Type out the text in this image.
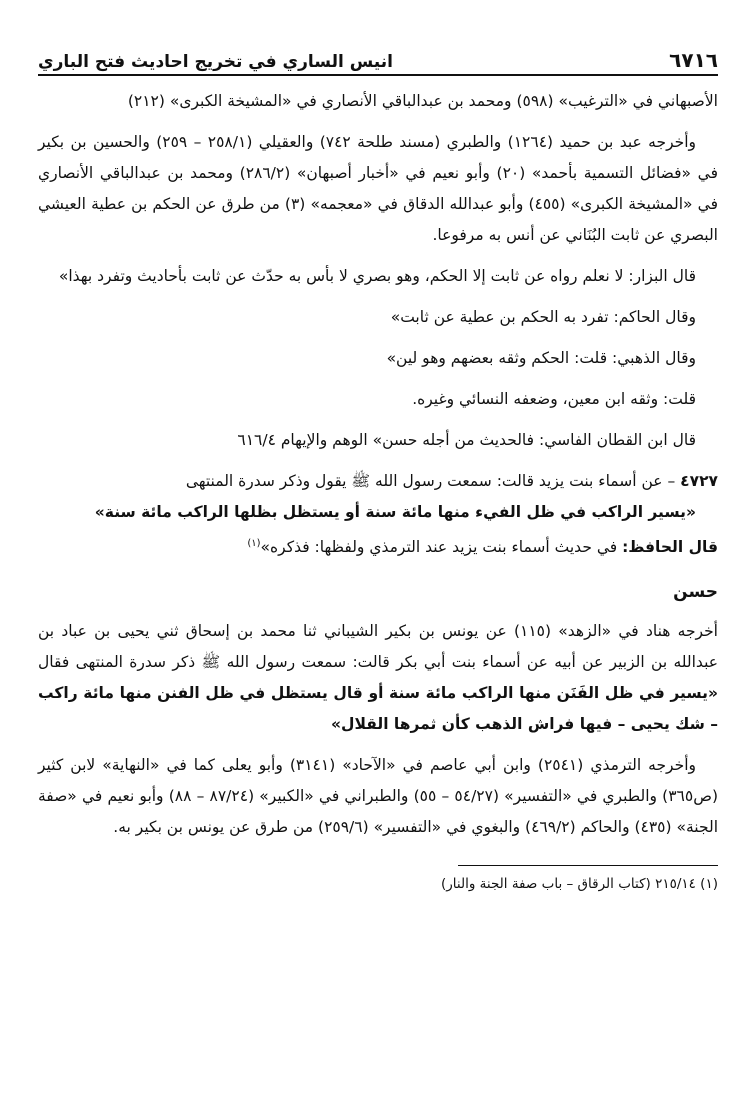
٦٧١٦
انيس الساري في تخريج احاديث فتح الباري

الأصبهاني في «الترغيب» (٥٩٨) ومحمد بن عبدالباقي الأنصاري في «المشيخة الكبرى» (٢١٢)

وأخرجه عبد بن حميد (١٢٦٤) والطبري (مسند طلحة ٧٤٢) والعقيلي (٢٥٨/١ – ٢٥٩) والحسين بن بكير في «فضائل التسمية بأحمد» (٢٠) وأبو نعيم في «أخبار أصبهان» (٢٨٦/٢) ومحمد بن عبدالباقي الأنصاري في «المشيخة الكبرى» (٤٥٥) وأبو عبدالله الدقاق في «معجمه» (٣) من طرق عن الحكم بن عطية العيشي البصري عن ثابت البُنَاني عن أنس به مرفوعا.

قال البزار: لا نعلم رواه عن ثابت إلا الحكم، وهو بصري لا بأس به حدّث عن ثابت بأحاديث وتفرد بهذا»

وقال الحاكم: تفرد به الحكم بن عطية عن ثابت»

وقال الذهبي: قلت: الحكم وثقه بعضهم وهو لين»

قلت: وثقه ابن معين، وضعفه النسائي وغيره.

قال ابن القطان الفاسي: فالحديث من أجله حسن» الوهم والإيهام ٦١٦/٤

٤٧٢٧ – عن أسماء بنت يزيد قالت: سمعت رسول الله ﷺ يقول وذكر سدرة المنتهى
«يسير الراكب في ظل الفيء منها مائة سنة أو يستظل بظلها الراكب مائة سنة»
قال الحافظ: في حديث أسماء بنت يزيد عند الترمذي ولفظها: فذكره»$^{(١)}$

حسن

أخرجه هناد في «الزهد» (١١٥) عن يونس بن بكير الشيباني ثنا محمد بن إسحاق ثني يحيى بن عباد بن عبدالله بن الزبير عن أبيه عن أسماء بنت أبي بكر قالت: سمعت رسول الله ﷺ ذكر سدرة المنتهى فقال «يسير في ظل الفَنَن منها الراكب مائة سنة أو قال يستظل في ظل الفنن منها مائة راكب – شك يحيى – فيها فراش الذهب كأن ثمرها القلال»

وأخرجه الترمذي (٢٥٤١) وابن أبي عاصم في «الآحاد» (٣١٤١) وأبو يعلى كما في «النهاية» لابن كثير (ص٣٦٥) والطبري في «التفسير» (٥٤/٢٧ – ٥٥) والطبراني في «الكبير» (٨٧/٢٤ – ٨٨) وأبو نعيم في «صفة الجنة» (٤٣٥) والحاكم (٤٦٩/٢) والبغوي في «التفسير» (٢٥٩/٦) من طرق عن يونس بن بكير به.

(١) ٢١٥/١٤ (كتاب الرقاق – باب صفة الجنة والنار)
